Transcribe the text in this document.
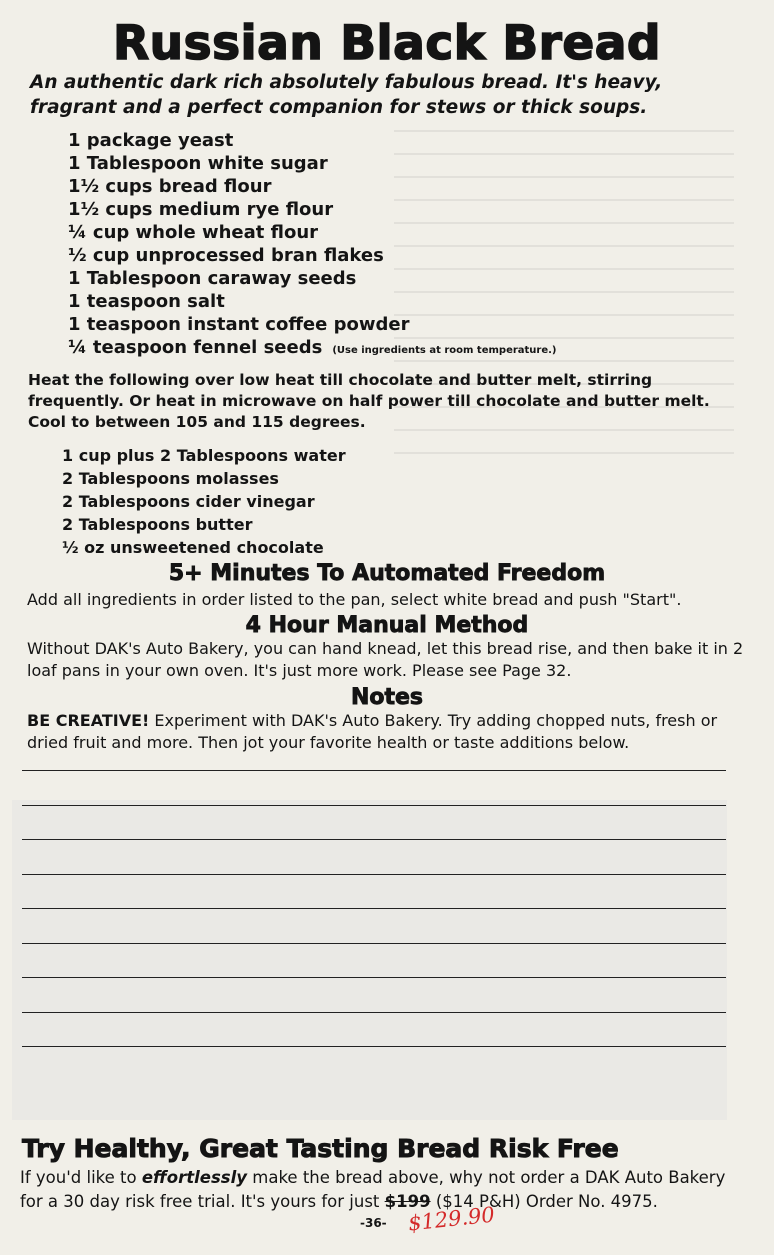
Russian Black Bread
An authentic dark rich absolutely fabulous bread. It's heavy, fragrant and a perfect companion for stews or thick soups.
1 package yeast
1 Tablespoon white sugar
1½ cups bread flour
1½ cups medium rye flour
¼ cup whole wheat flour
½ cup unprocessed bran flakes
1 Tablespoon caraway seeds
1 teaspoon salt
1 teaspoon instant coffee powder
¼ teaspoon fennel seeds (Use ingredients at room temperature.)
Heat the following over low heat till chocolate and butter melt, stirring frequently. Or heat in microwave on half power till chocolate and butter melt. Cool to between 105 and 115 degrees.
1 cup plus 2 Tablespoons water
2 Tablespoons molasses
2 Tablespoons cider vinegar
2 Tablespoons butter
½ oz unsweetened chocolate
5+ Minutes To Automated Freedom
Add all ingredients in order listed to the pan, select white bread and push "Start".
4 Hour Manual Method
Without DAK's Auto Bakery, you can hand knead, let this bread rise, and then bake it in 2 loaf pans in your own oven. It's just more work. Please see Page 32.
Notes
BE CREATIVE! Experiment with DAK's Auto Bakery. Try adding chopped nuts, fresh or dried fruit and more. Then jot your favorite health or taste additions below.
Try Healthy, Great Tasting Bread Risk Free
If you'd like to effortlessly make the bread above, why not order a DAK Auto Bakery
for a 30 day risk free trial. It's yours for just $199 ($14 P&H) Order No. 4975.
-36- $129.90
